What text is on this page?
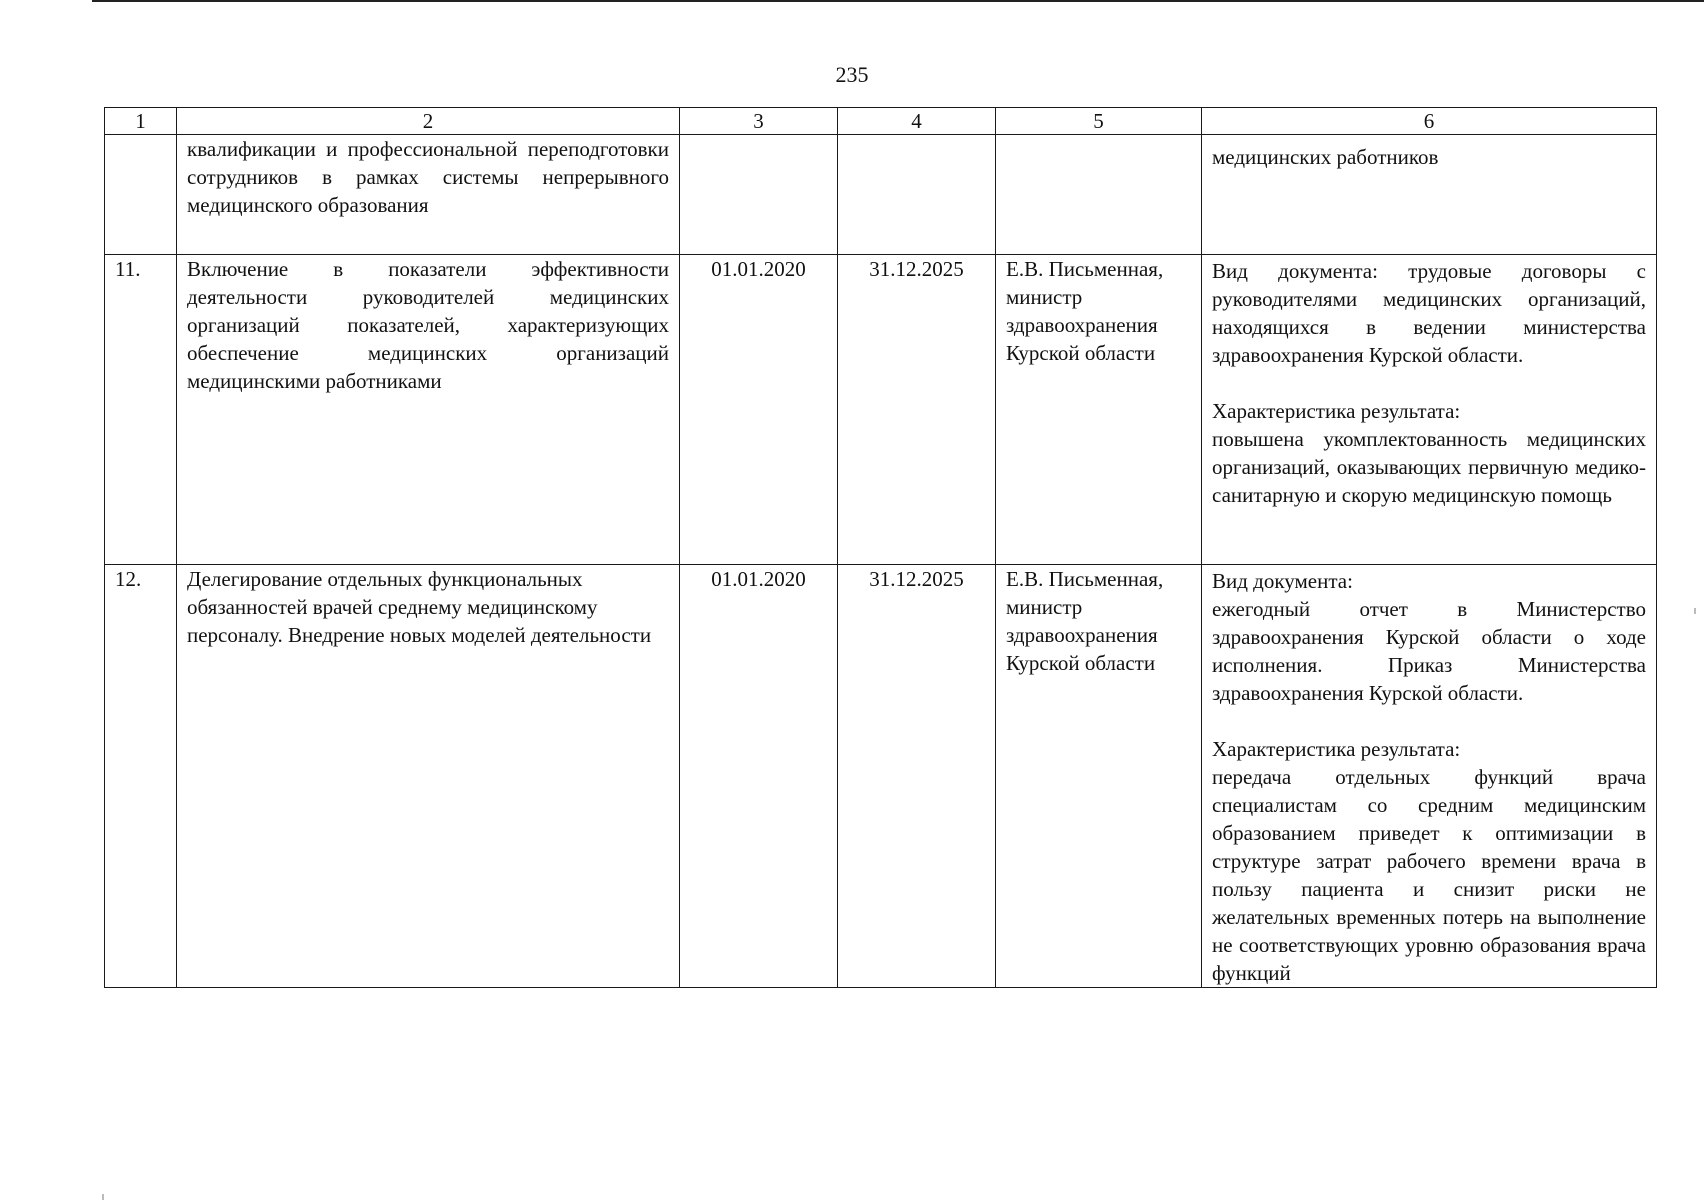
235
1	2	3	4	5	6
	квалификации и профессиональной переподготовки сотрудников в рамках системы непрерывного медицинского образования				медицинских работников

11.	Включение в показатели эффективности деятельности руководителей медицинских организаций показателей, характеризующих обеспечение медицинских организаций медицинскими работниками	01.01.2020	31.12.2025	Е.В. Письменная, министр здравоохранения Курской области	Вид документа: трудовые договоры с руководителями медицинских организаций, находящихся в ведении министерства здравоохранения Курской области.

Характеристика результата:

повышена укомплектованность медицинских организаций, оказывающих первичную медико-санитарную и скорую медицинскую помощь

12.	Делегирование отдельных функциональных обязанностей врачей среднему медицинскому персоналу. Внедрение новых моделей деятельности	01.01.2020	31.12.2025	Е.В. Письменная, министр здравоохранения Курской области	Вид документа:

ежегодный отчет в Министерство здравоохранения Курской области о ходе исполнения. Приказ Министерства здравоохранения Курской области.

Характеристика результата:

передача отдельных функций врача специалистам со средним медицинским образованием приведет к оптимизации в структуре затрат рабочего времени врача в пользу пациента и снизит риски не желательных временных потерь на выполнение не соответствующих уровню образования врача функций
